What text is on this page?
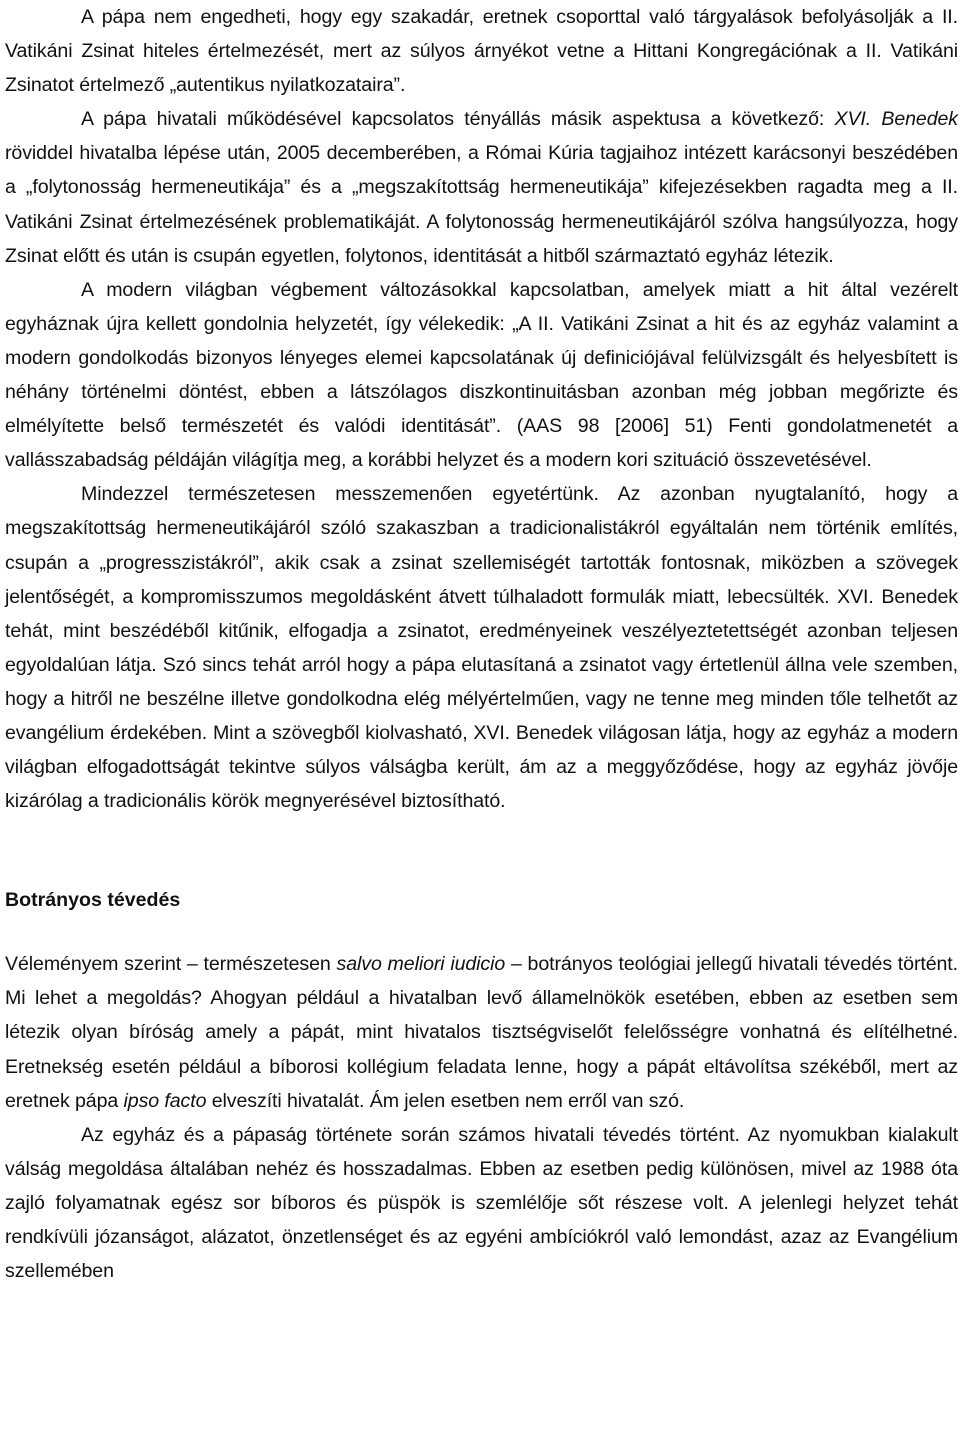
A pápa nem engedheti, hogy egy szakadár, eretnek csoporttal való tárgyalások befolyásolják a II. Vatikáni Zsinat hiteles értelmezését, mert az súlyos árnyékot vetne a Hittani Kongregációnak a II. Vatikáni Zsinatot értelmező „autentikus nyilatkozataira”.

A pápa hivatali működésével kapcsolatos tényállás másik aspektusa a következő: XVI. Benedek röviddel hivatalba lépése után, 2005 decemberében, a Római Kúria tagjaihoz intézett karácsonyi beszédében a „folytonosság hermeneutikája” és a „megszakítottság hermeneutikája” kifejezésekben ragadta meg a II. Vatikáni Zsinat értelmezésének problematikáját. A folytonosság hermeneutikájáról szólva hangsúlyozza, hogy Zsinat előtt és után is csupán egyetlen, folytonos, identitását a hitből származtató egyház létezik.

A modern világban végbement változásokkal kapcsolatban, amelyek miatt a hit által vezérelt egyháznak újra kellett gondolnia helyzetét, így vélekedik: „A II. Vatikáni Zsinat a hit és az egyház valamint a modern gondolkodás bizonyos lényeges elemei kapcsolatának új definiciójával felülvizsgált és helyesbített is néhány történelmi döntést, ebben a látszólagos diszkontinuitásban azonban még jobban megőrizte és elmélyítette belső természetét és valódi identitását”. (AAS 98 [2006] 51) Fenti gondolatmenetét a vallásszabadság példáján világítja meg, a korábbi helyzet és a modern kori szituáció összevetésével.

Mindezzel természetesen messzemenően egyetértünk. Az azonban nyugtalanító, hogy a megszakítottság hermeneutikájáról szóló szakaszban a tradicionalistákról egyáltalán nem történik említés, csupán a „progresszistákról”, akik csak a zsinat szellemiségét tartották fontosnak, miközben a szövegek jelentőségét, a kompromisszumos megoldásként átvett túlhaladott formulák miatt, lebecsülték. XVI. Benedek tehát, mint beszédéből kitűnik, elfogadja a zsinatot, eredményeinek veszélyeztetettségét azonban teljesen egyoldalúan látja. Szó sincs tehát arról hogy a pápa elutasítaná a zsinatot vagy értetlenül állna vele szemben, hogy a hitről ne beszélne illetve gondolkodna elég mélyértelműen, vagy ne tenne meg minden tőle telhetőt az evangélium érdekében. Mint a szövegből kiolvasható, XVI. Benedek világosan látja, hogy az egyház a modern világban elfogadottságát tekintve súlyos válságba került, ám az a meggyőződése, hogy az egyház jövője kizárólag a tradicionális körök megnyerésével biztosítható.

Botrányos tévedés

Véleményem szerint – természetesen salvo meliori iudicio – botrányos teológiai jellegű hivatali tévedés történt. Mi lehet a megoldás? Ahogyan például a hivatalban levő államelnökök esetében, ebben az esetben sem létezik olyan bíróság amely a pápát, mint hivatalos tisztségviselőt felelősségre vonhatná és elítélhetné. Eretnekség esetén például a bíborosi kollégium feladata lenne, hogy a pápát eltávolítsa székéből, mert az eretnek pápa ipso facto elveszíti hivatalát. Ám jelen esetben nem erről van szó.

Az egyház és a pápaság története során számos hivatali tévedés történt. Az nyomukban kialakult válság megoldása általában nehéz és hosszadalmas. Ebben az esetben pedig különösen, mivel az 1988 óta zajló folyamatnak egész sor bíboros és püspök is szemlélője sőt részese volt. A jelenlegi helyzet tehát rendkívüli józanságot, alázatot, önzetlenséget és az egyéni ambíciókról való lemondást, azaz az Evangélium szellemében
